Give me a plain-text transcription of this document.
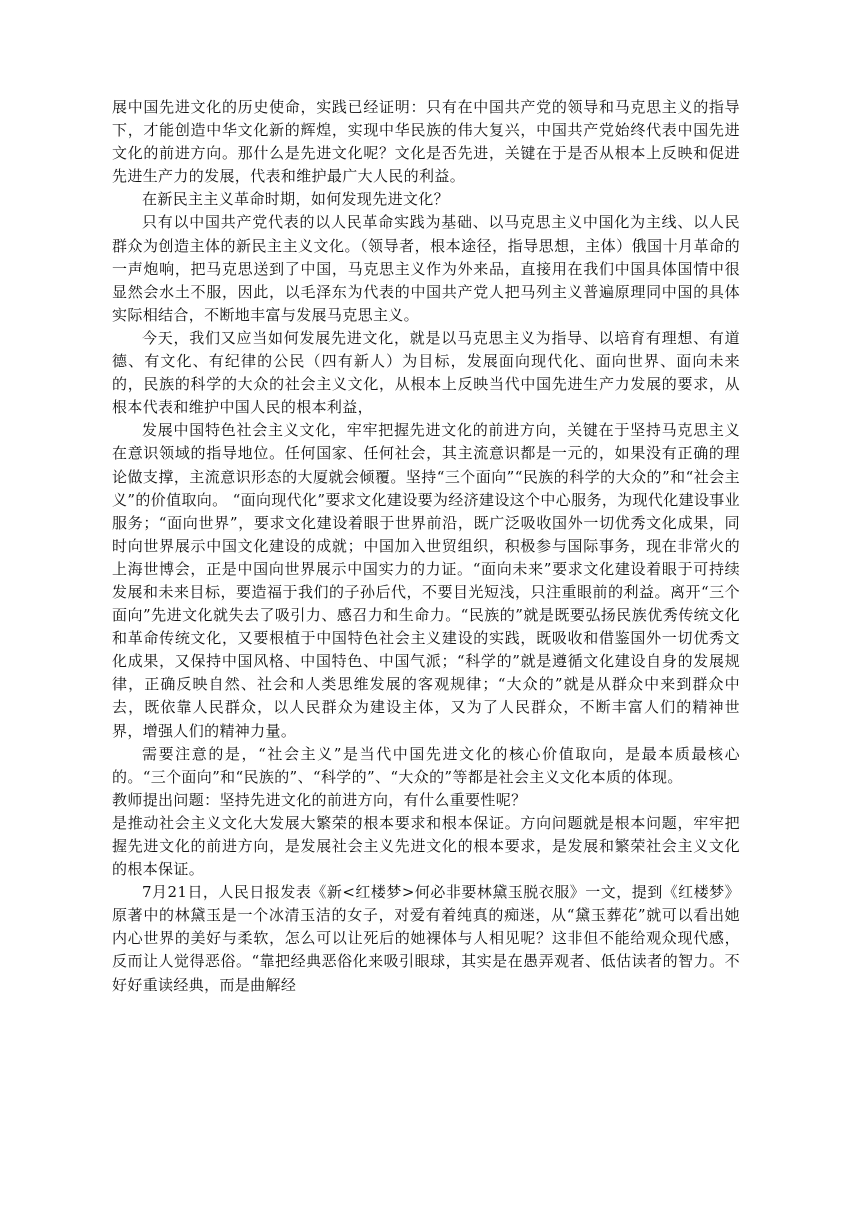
展中国先进文化的历史使命，实践已经证明：只有在中国共产党的领导和马克思主义的指导下，才能创造中华文化新的辉煌，实现中华民族的伟大复兴，中国共产党始终代表中国先进文化的前进方向。那什么是先进文化呢？文化是否先进，关键在于是否从根本上反映和促进先进生产力的发展，代表和维护最广大人民的利益。

在新民主主义革命时期，如何发现先进文化？

只有以中国共产党代表的以人民革命实践为基础、以马克思主义中国化为主线、以人民群众为创造主体的新民主主义文化。（领导者，根本途径，指导思想，主体）俄国十月革命的一声炮响，把马克思送到了中国，马克思主义作为外来品，直接用在我们中国具体国情中很显然会水土不服，因此，以毛泽东为代表的中国共产党人把马列主义普遍原理同中国的具体实际相结合，不断地丰富与发展马克思主义。

今天，我们又应当如何发展先进文化，就是以马克思主义为指导、以培育有理想、有道德、有文化、有纪律的公民（四有新人）为目标，发展面向现代化、面向世界、面向未来的，民族的科学的大众的社会主义文化，从根本上反映当代中国先进生产力发展的要求，从根本代表和维护中国人民的根本利益，

发展中国特色社会主义文化，牢牢把握先进文化的前进方向，关键在于坚持马克思主义在意识领域的指导地位。任何国家、任何社会，其主流意识都是一元的，如果没有正确的理论做支撑，主流意识形态的大厦就会倾覆。坚持“三个面向”“民族的科学的大众的”和“社会主义”的价值取向。 “面向现代化”要求文化建设要为经济建设这个中心服务，为现代化建设事业服务；“面向世界”，要求文化建设着眼于世界前沿，既广泛吸收国外一切优秀文化成果，同时向世界展示中国文化建设的成就；中国加入世贸组织，积极参与国际事务，现在非常火的上海世博会，正是中国向世界展示中国实力的力证。“面向未来”要求文化建设着眼于可持续发展和未来目标，要造福于我们的子孙后代，不要目光短浅，只注重眼前的利益。离开“三个面向”先进文化就失去了吸引力、感召力和生命力。“民族的”就是既要弘扬民族优秀传统文化和革命传统文化，又要根植于中国特色社会主义建设的实践，既吸收和借鉴国外一切优秀文化成果，又保持中国风格、中国特色、中国气派；“科学的”就是遵循文化建设自身的发展规律，正确反映自然、社会和人类思维发展的客观规律；“大众的”就是从群众中来到群众中去，既依靠人民群众，以人民群众为建设主体，又为了人民群众，不断丰富人们的精神世界，增强人们的精神力量。

需要注意的是，“社会主义”是当代中国先进文化的核心价值取向，是最本质最核心的。“三个面向”和“民族的”、“科学的”、“大众的”等都是社会主义文化本质的体现。

教师提出问题：坚持先进文化的前进方向，有什么重要性呢？

是推动社会主义文化大发展大繁荣的根本要求和根本保证。方向问题就是根本问题，牢牢把握先进文化的前进方向，是发展社会主义先进文化的根本要求，是发展和繁荣社会主义文化的根本保证。

7月21日，人民日报发表《新<红楼梦>何必非要林黛玉脱衣服》一文，提到《红楼梦》原著中的林黛玉是一个冰清玉洁的女子，对爱有着纯真的痴迷，从“黛玉葬花”就可以看出她内心世界的美好与柔软，怎么可以让死后的她裸体与人相见呢？这非但不能给观众现代感，反而让人觉得恶俗。“靠把经典恶俗化来吸引眼球，其实是在愚弄观者、低估读者的智力。不好好重读经典，而是曲解经
